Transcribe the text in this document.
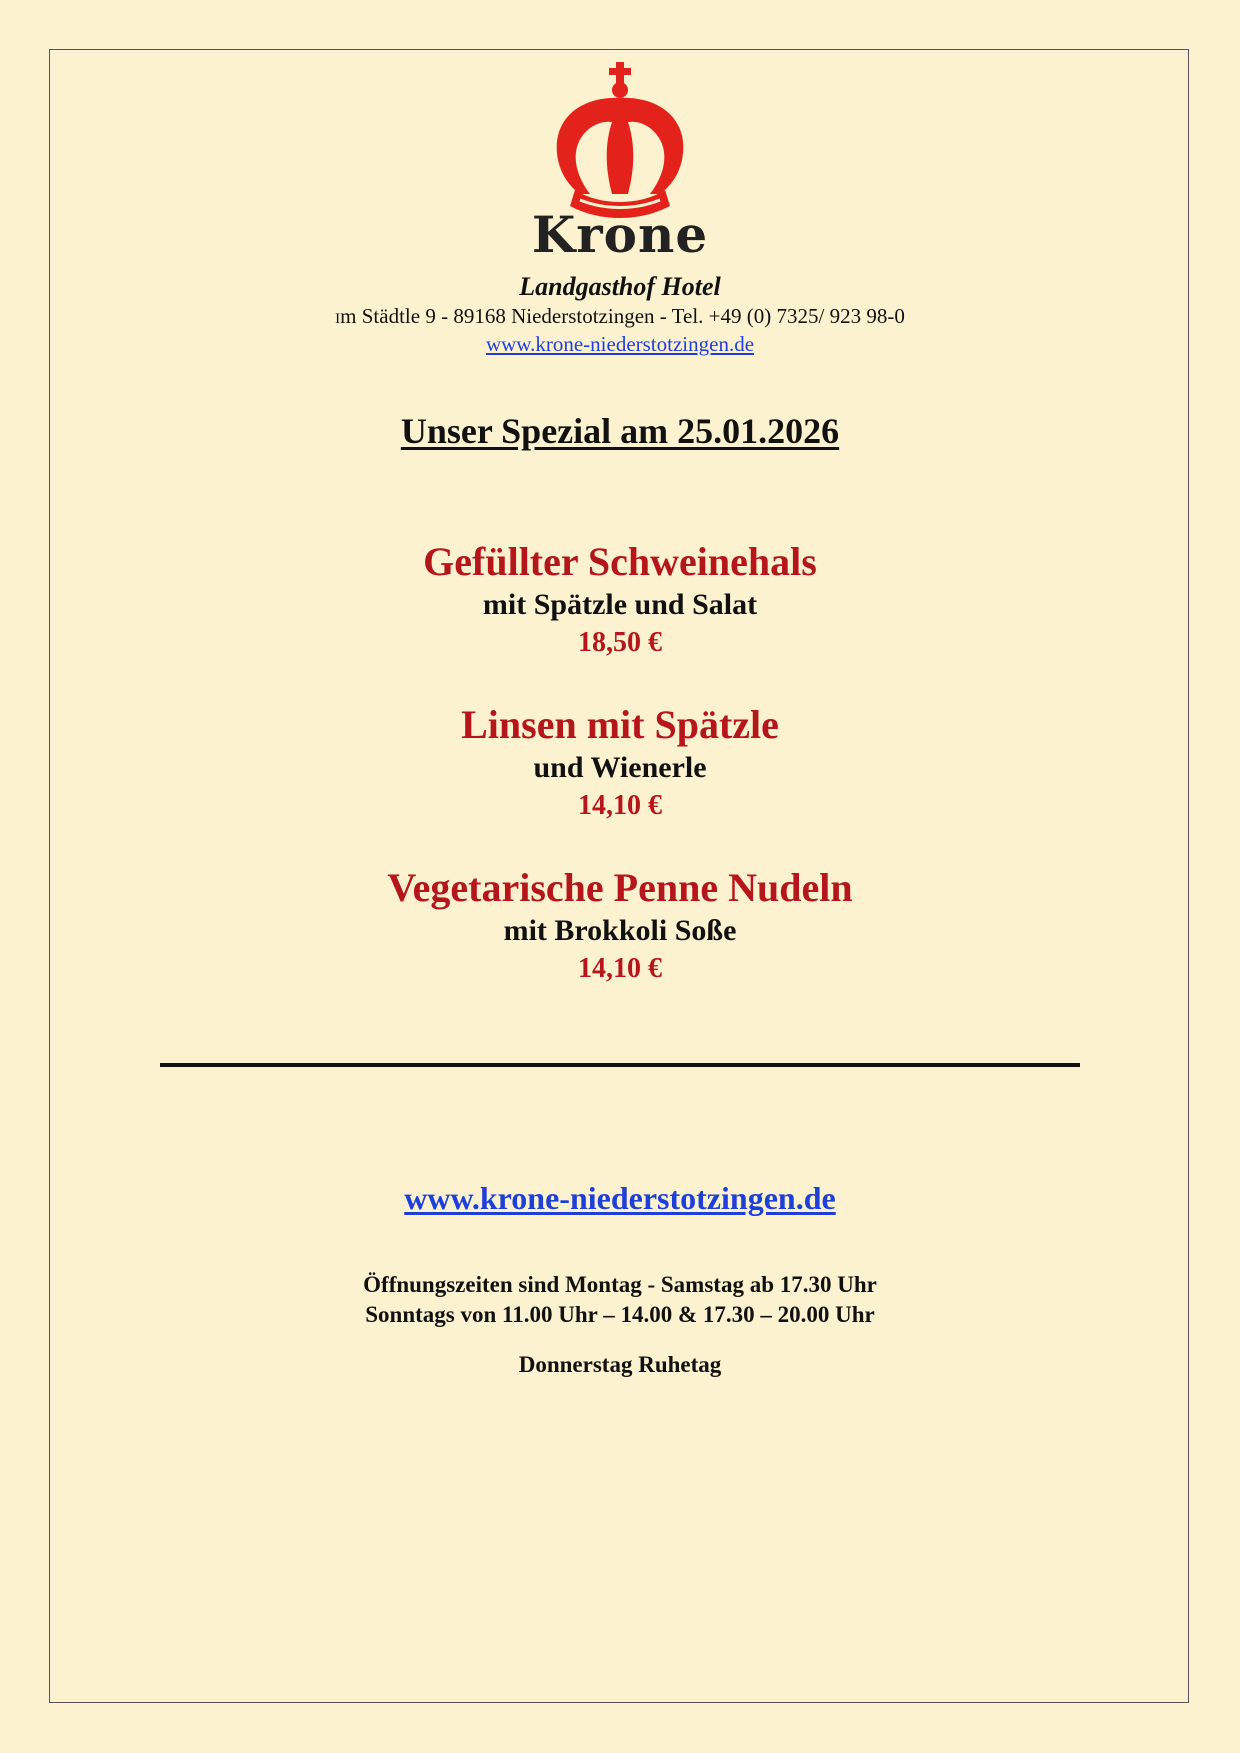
Krone
Landgasthof Hotel
Im Städtle 9 - 89168 Niederstotzingen - Tel. +49 (0) 7325/ 923 98-0
www.krone-niederstotzingen.de
Unser Spezial am 25.01.2026
Gefüllter Schweinehals
mit Spätzle und Salat
18,50 €
Linsen mit Spätzle
und Wienerle
14,10 €
Vegetarische Penne Nudeln
mit Brokkoli Soße
14,10 €
www.krone-niederstotzingen.de
Öffnungszeiten sind Montag - Samstag ab 17.30 Uhr
Sonntags von 11.00 Uhr – 14.00 & 17.30 – 20.00 Uhr
Donnerstag Ruhetag
